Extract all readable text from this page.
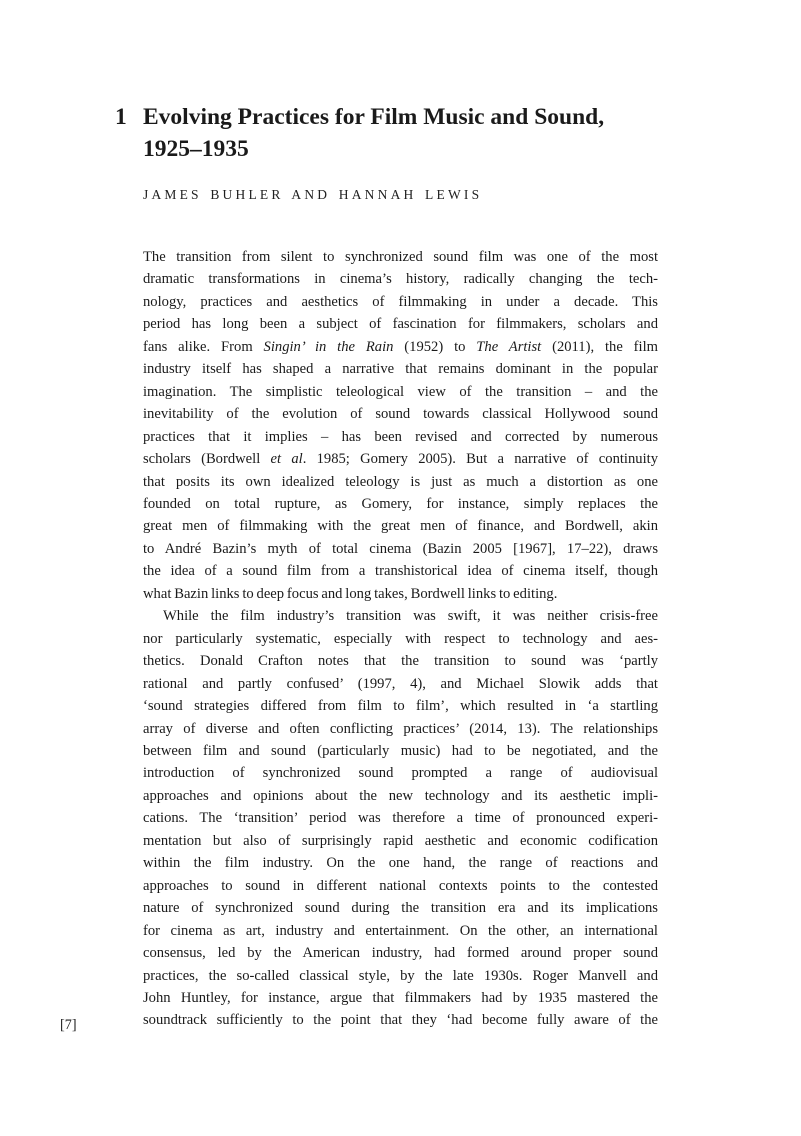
1 Evolving Practices for Film Music and Sound,
1925–1935
JAMES BUHLER AND HANNAH LEWIS
The transition from silent to synchronized sound film was one of the most
dramatic transformations in cinema’s history, radically changing the tech-
nology, practices and aesthetics of filmmaking in under a decade. This
period has long been a subject of fascination for filmmakers, scholars and
fans alike. From Singin’ in the Rain (1952) to The Artist (2011), the film
industry itself has shaped a narrative that remains dominant in the popular
imagination. The simplistic teleological view of the transition – and the
inevitability of the evolution of sound towards classical Hollywood sound
practices that it implies – has been revised and corrected by numerous
scholars (Bordwell et al. 1985; Gomery 2005). But a narrative of continuity
that posits its own idealized teleology is just as much a distortion as one
founded on total rupture, as Gomery, for instance, simply replaces the
great men of filmmaking with the great men of finance, and Bordwell, akin
to André Bazin’s myth of total cinema (Bazin 2005 [1967], 17–22), draws
the idea of a sound film from a transhistorical idea of cinema itself, though
what Bazin links to deep focus and long takes, Bordwell links to editing.
While the film industry’s transition was swift, it was neither crisis-free
nor particularly systematic, especially with respect to technology and aes-
thetics. Donald Crafton notes that the transition to sound was ‘partly
rational and partly confused’ (1997, 4), and Michael Slowik adds that
‘sound strategies differed from film to film’, which resulted in ‘a startling
array of diverse and often conflicting practices’ (2014, 13). The relationships
between film and sound (particularly music) had to be negotiated, and the
introduction of synchronized sound prompted a range of audiovisual
approaches and opinions about the new technology and its aesthetic impli-
cations. The ‘transition’ period was therefore a time of pronounced experi-
mentation but also of surprisingly rapid aesthetic and economic codification
within the film industry. On the one hand, the range of reactions and
approaches to sound in different national contexts points to the contested
nature of synchronized sound during the transition era and its implications
for cinema as art, industry and entertainment. On the other, an international
consensus, led by the American industry, had formed around proper sound
practices, the so-called classical style, by the late 1930s. Roger Manvell and
John Huntley, for instance, argue that filmmakers had by 1935 mastered the
soundtrack sufficiently to the point that they ‘had become fully aware of the
[7]
